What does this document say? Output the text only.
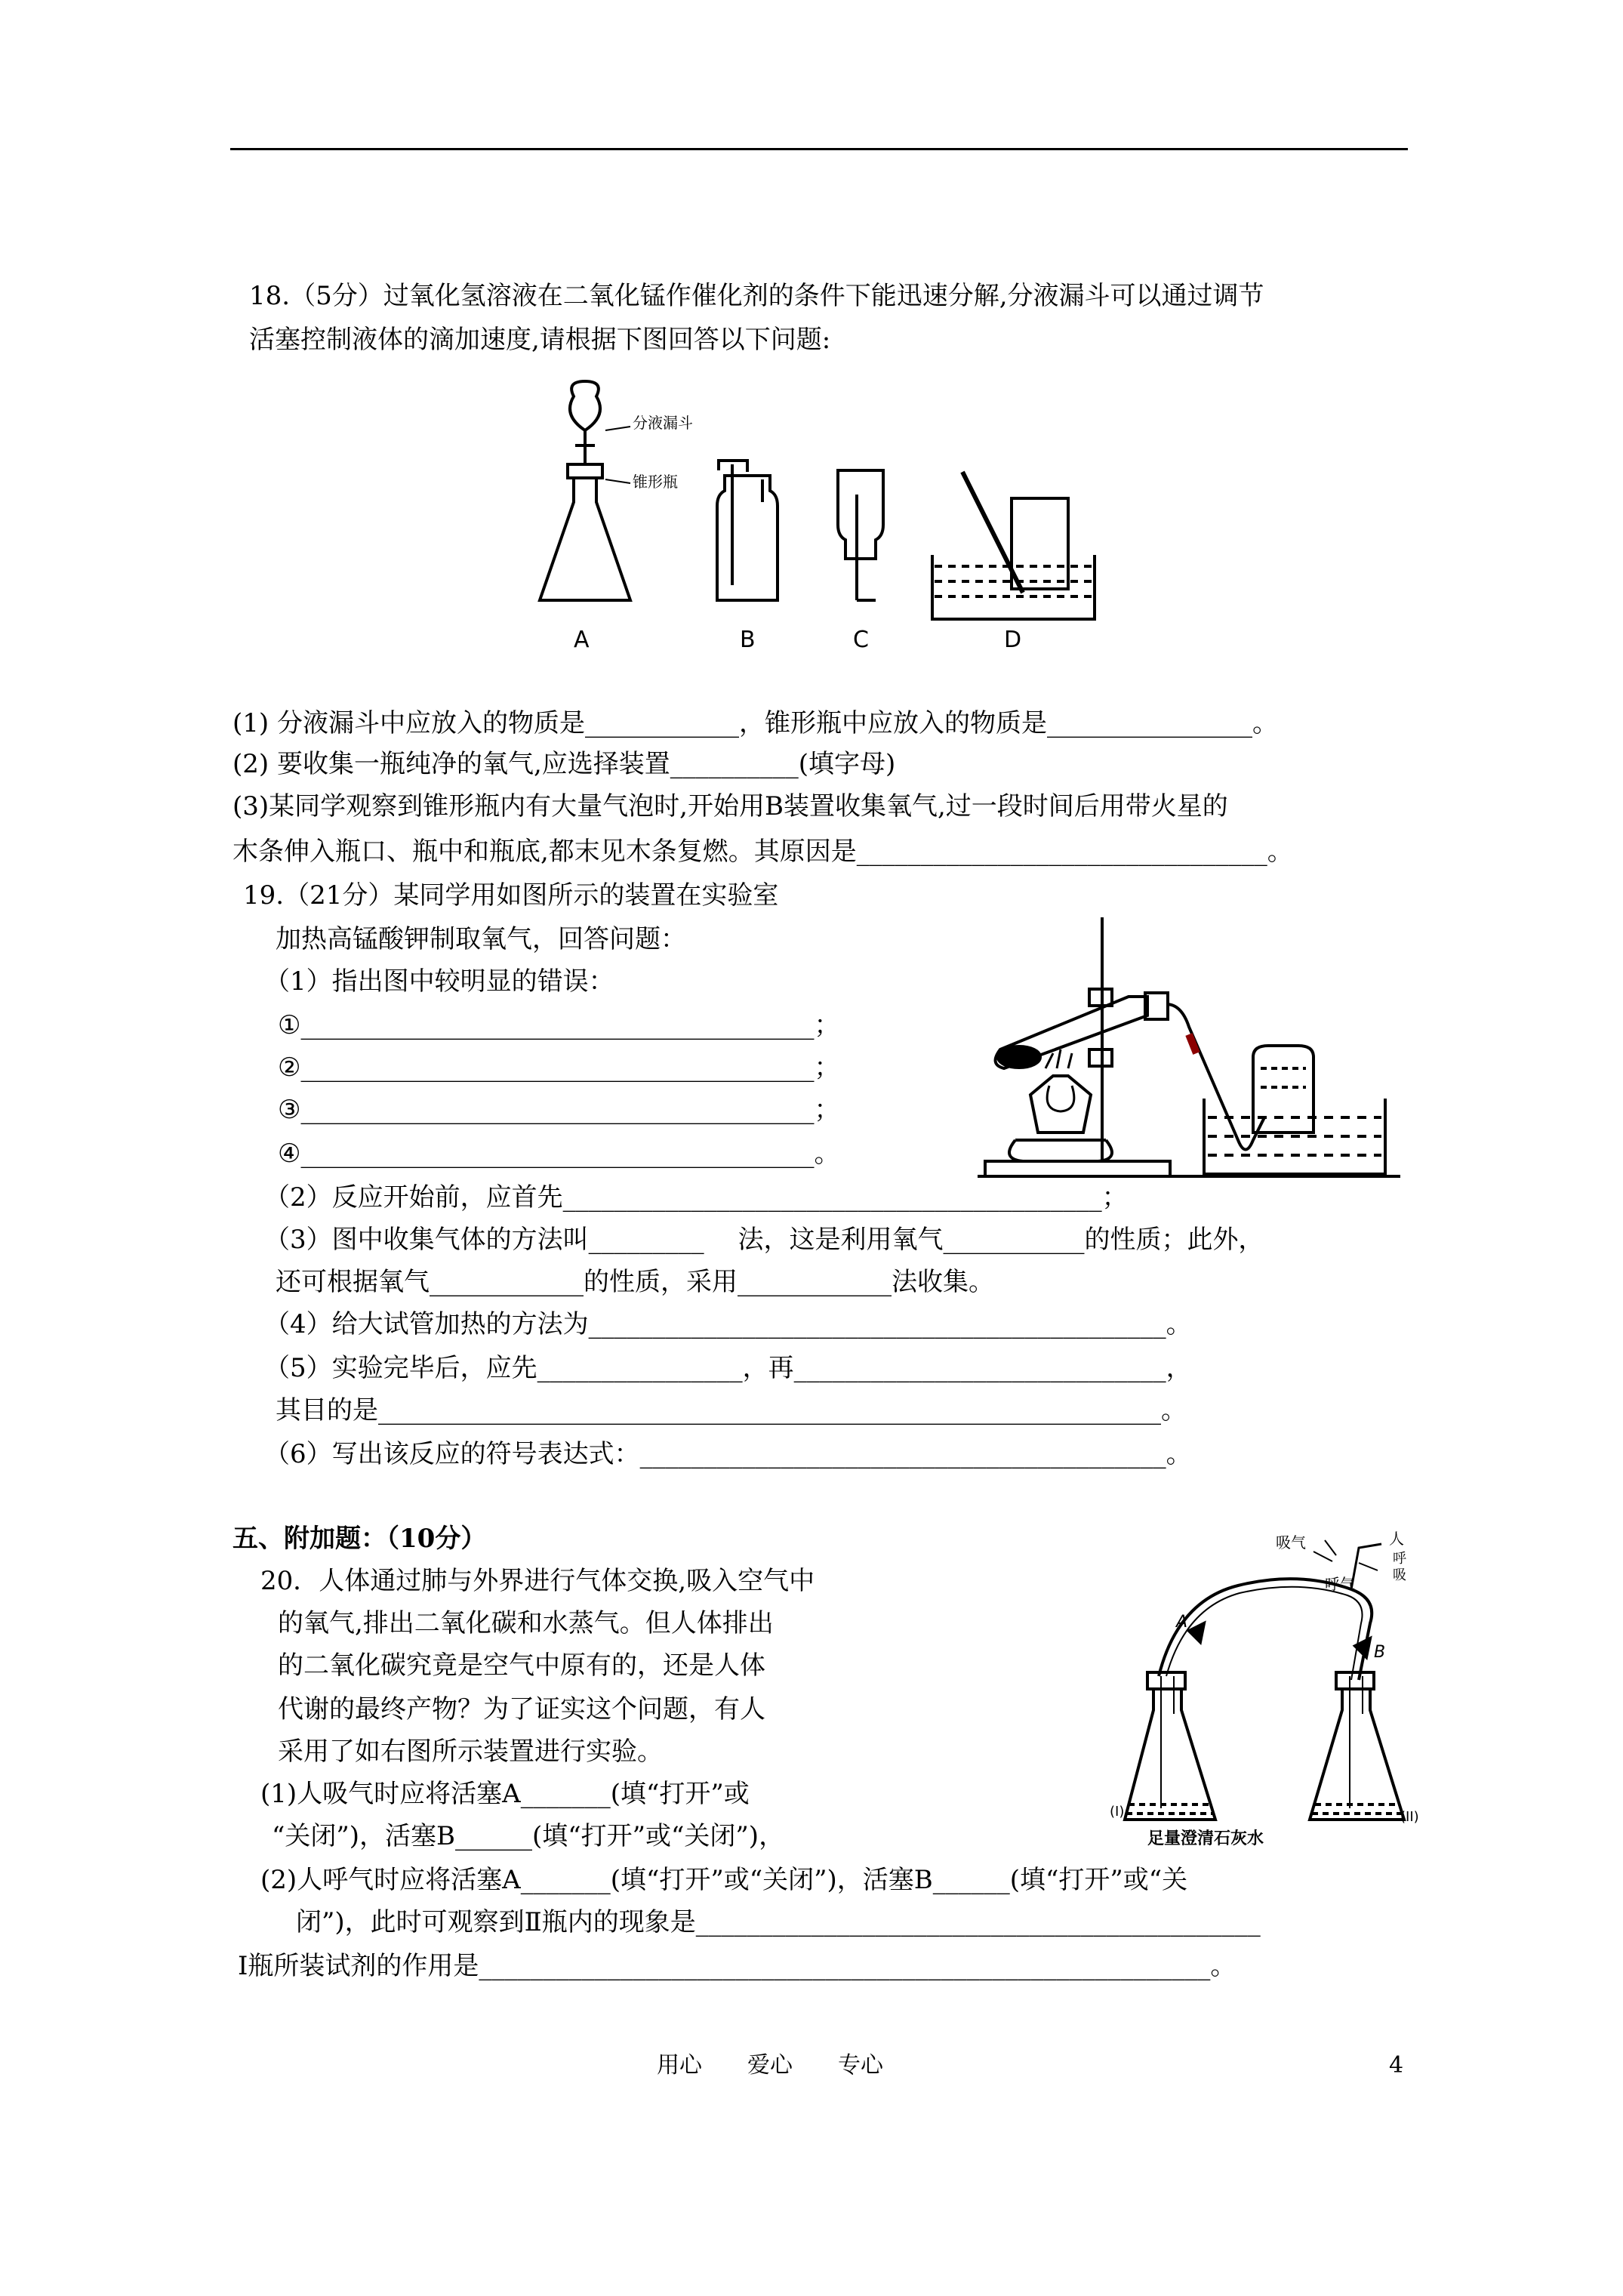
18.（5分）过氧化氢溶液在二氧化锰作催化剂的条件下能迅速分解,分液漏斗可以通过调节
活塞控制液体的滴加速度,请根据下图回答以下问题:
分液漏斗
锥形瓶
A	B	C	D
(1) 分液漏斗中应放入的物质是____________，锥形瓶中应放入的物质是________________。
(2) 要收集一瓶纯净的氧气,应选择装置__________(填字母)
(3)某同学观察到锥形瓶内有大量气泡时,开始用B装置收集氧气,过一段时间后用带火星的
木条伸入瓶口、瓶中和瓶底,都末见木条复燃。其原因是________________________________。
19.（21分）某同学用如图所示的装置在实验室
加热高锰酸钾制取氧气，回答问题：
（1）指出图中较明显的错误：
①________________________________________；
②________________________________________；
③________________________________________；
④________________________________________。
（2）反应开始前，应首先__________________________________________；
（3）图中收集气体的方法叫_________　 法，这是利用氧气___________的性质；此外，
还可根据氧气____________的性质，采用____________法收集。
（4）给大试管加热的方法为_____________________________________________。
（5）实验完毕后，应先________________，再_____________________________，
其目的是_____________________________________________________________。
（6）写出该反应的符号表达式：_________________________________________。
五、附加题：（10分）
20．人体通过肺与外界进行气体交换,吸入空气中
的氧气,排出二氧化碳和水蒸气。但人体排出
的二氧化碳究竟是空气中原有的，还是人体
代谢的最终产物？为了证实这个问题，有人
采用了如右图所示装置进行实验。
(1)人吸气时应将活塞A_______(填“打开”或
“关闭”)，活塞B______(填“打开”或“关闭”)，
(2)人呼气时应将活塞A_______(填“打开”或“关闭”)，活塞B______(填“打开”或“关
闭”)，此时可观察到Ⅱ瓶内的现象是____________________________________________
Ⅰ瓶所装试剂的作用是_________________________________________________________。
吸气
呼气
人
呼
吸
A
B
(I)	(II)
足量澄清石灰水
用心　　爱心　　专心	4
